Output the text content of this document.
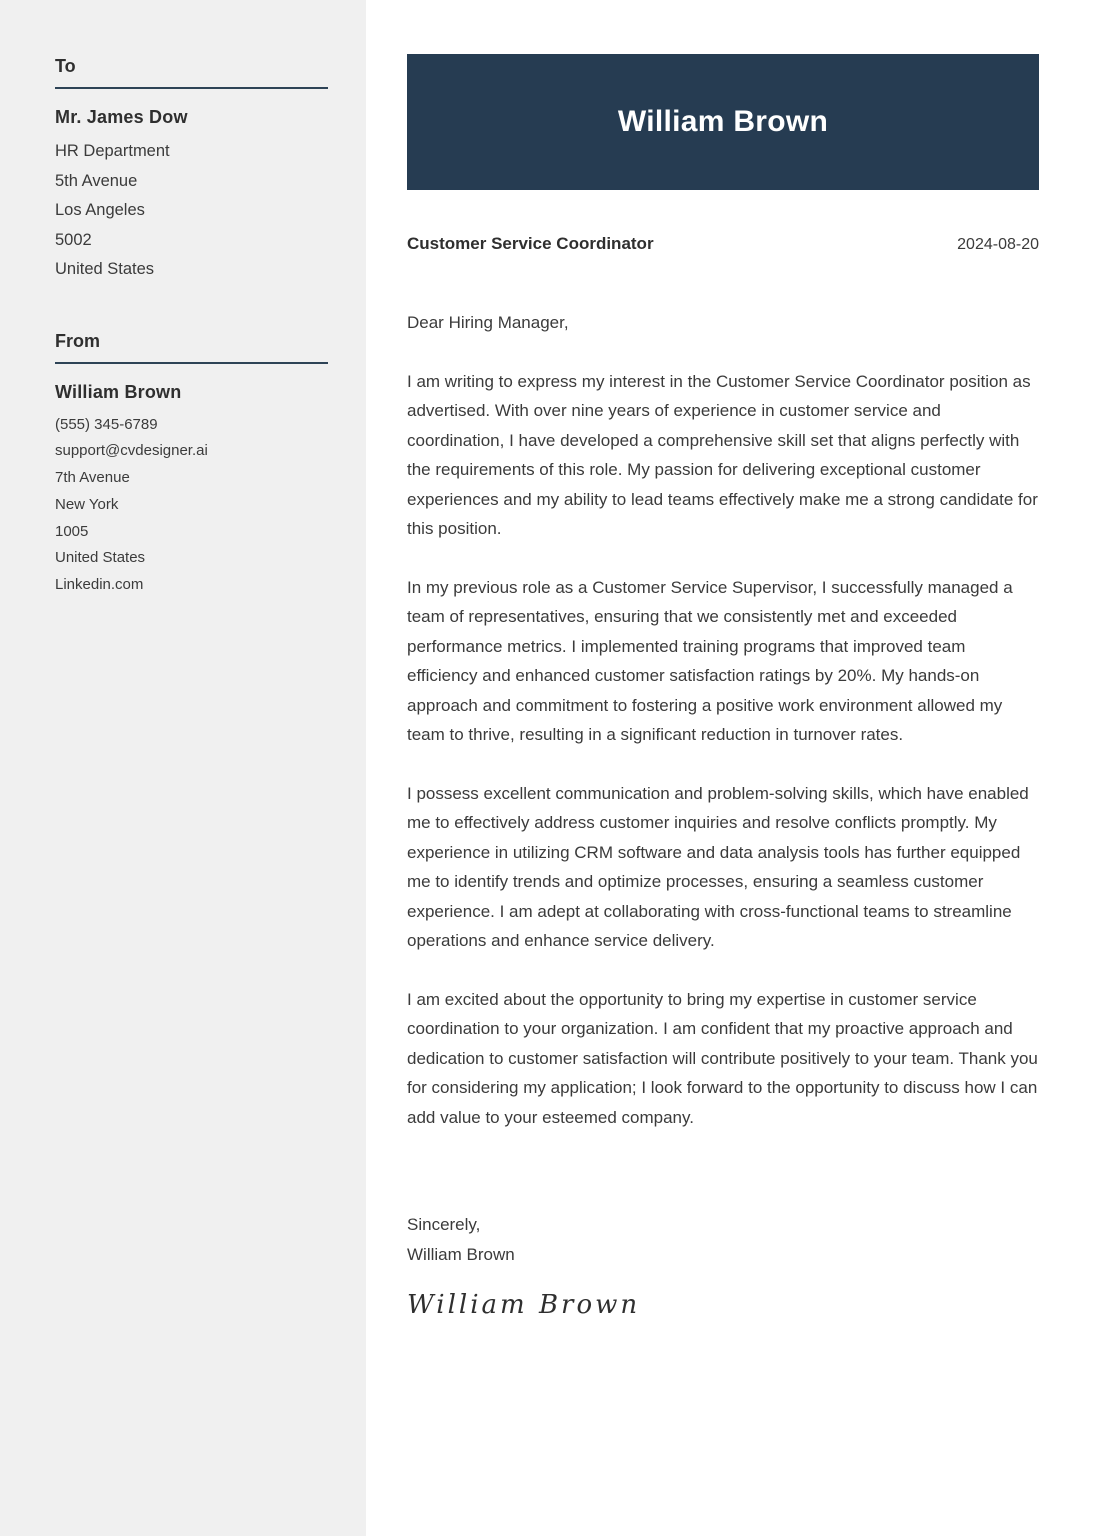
To
Mr. James Dow
HR Department
5th Avenue
Los Angeles
5002
United States
From
William Brown
(555) 345-6789
support@cvdesigner.ai
7th Avenue
New York
1005
United States
Linkedin.com
William Brown
Customer Service Coordinator	2024-08-20

Dear Hiring Manager,

I am writing to express my interest in the Customer Service Coordinator position as advertised. With over nine years of experience in customer service and coordination, I have developed a comprehensive skill set that aligns perfectly with the requirements of this role. My passion for delivering exceptional customer experiences and my ability to lead teams effectively make me a strong candidate for this position.

In my previous role as a Customer Service Supervisor, I successfully managed a team of representatives, ensuring that we consistently met and exceeded performance metrics. I implemented training programs that improved team efficiency and enhanced customer satisfaction ratings by 20%. My hands-on approach and commitment to fostering a positive work environment allowed my team to thrive, resulting in a significant reduction in turnover rates.

I possess excellent communication and problem-solving skills, which have enabled me to effectively address customer inquiries and resolve conflicts promptly. My experience in utilizing CRM software and data analysis tools has further equipped me to identify trends and optimize processes, ensuring a seamless customer experience. I am adept at collaborating with cross-functional teams to streamline operations and enhance service delivery.

I am excited about the opportunity to bring my expertise in customer service coordination to your organization. I am confident that my proactive approach and dedication to customer satisfaction will contribute positively to your team. Thank you for considering my application; I look forward to the opportunity to discuss how I can add value to your esteemed company.

Sincerely,
William Brown
William Brown
